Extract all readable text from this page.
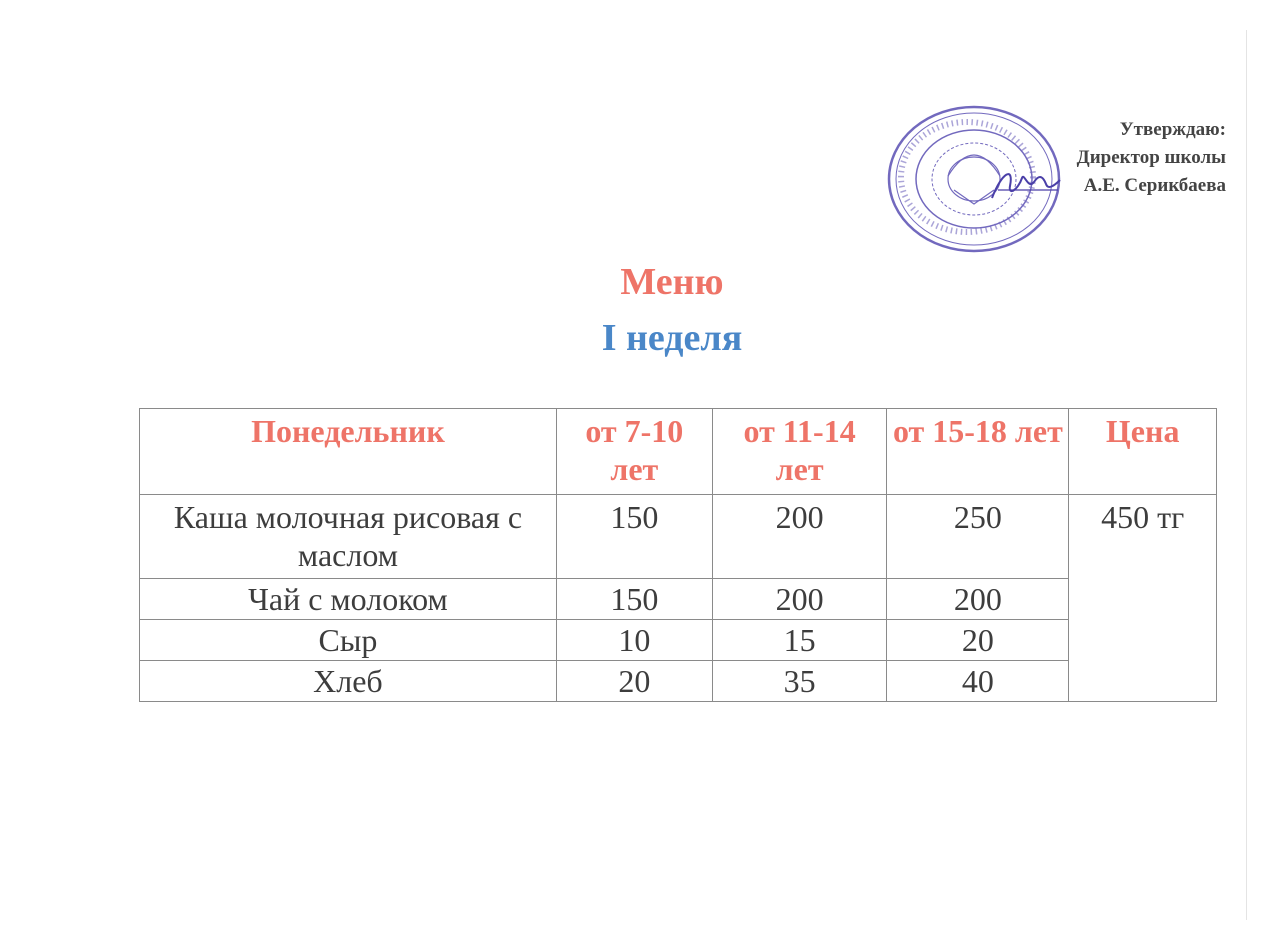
Утверждаю:
Директор школы
А.Е. Серикбаева
Меню
I неделя
Понедельник	от 7-10 лет	от 11-14 лет	от 15-18 лет	Цена
Каша молочная рисовая с маслом	150	200	250	450 тг
Чай с молоком	150	200	200	
Сыр	10	15	20	
Хлеб	20	35	40	
